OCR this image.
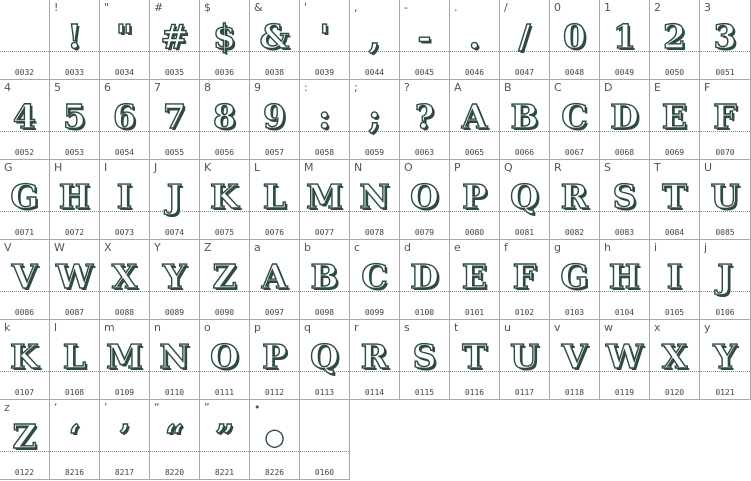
0032
!
!
0033
"
"
0034
#
#
0035
$
$
0036
&
&
0038
'
'
0039
,
,
0044
-
-
0045
.
.
0046
/
/
0047
0
0
0048
1
1
0049
2
2
0050
3
3
0051
4
4
0052
5
5
0053
6
6
0054
7
7
0055
8
8
0056
9
9
0057
:
:
0058
;
;
0059
?
?
0063
A
A
0065
B
B
0066
C
C
0067
D
D
0068
E
E
0069
F
F
0070
G
G
0071
H
H
0072
I
I
0073
J
J
0074
K
K
0075
L
L
0076
M
M
0077
N
N
0078
O
O
0079
P
P
0080
Q
Q
0081
R
R
0082
S
S
0083
T
T
0084
U
U
0085
V
V
0086
W
W
0087
X
X
0088
Y
Y
0089
Z
Z
0090
a
A
0097
b
B
0098
c
C
0099
d
D
0100
e
E
0101
f
F
0102
g
G
0103
h
H
0104
i
I
0105
j
J
0106
k
K
0107
l
L
0108
m
M
0109
n
N
0110
o
O
0111
p
P
0112
q
Q
0113
r
R
0114
s
S
0115
t
T
0116
u
U
0117
v
V
0118
w
W
0119
x
X
0120
y
Y
0121
z
Z
0122
‘
‘
8216
’
’
8217
“
“
8220
”
”
8221
•
○
8226	0160
